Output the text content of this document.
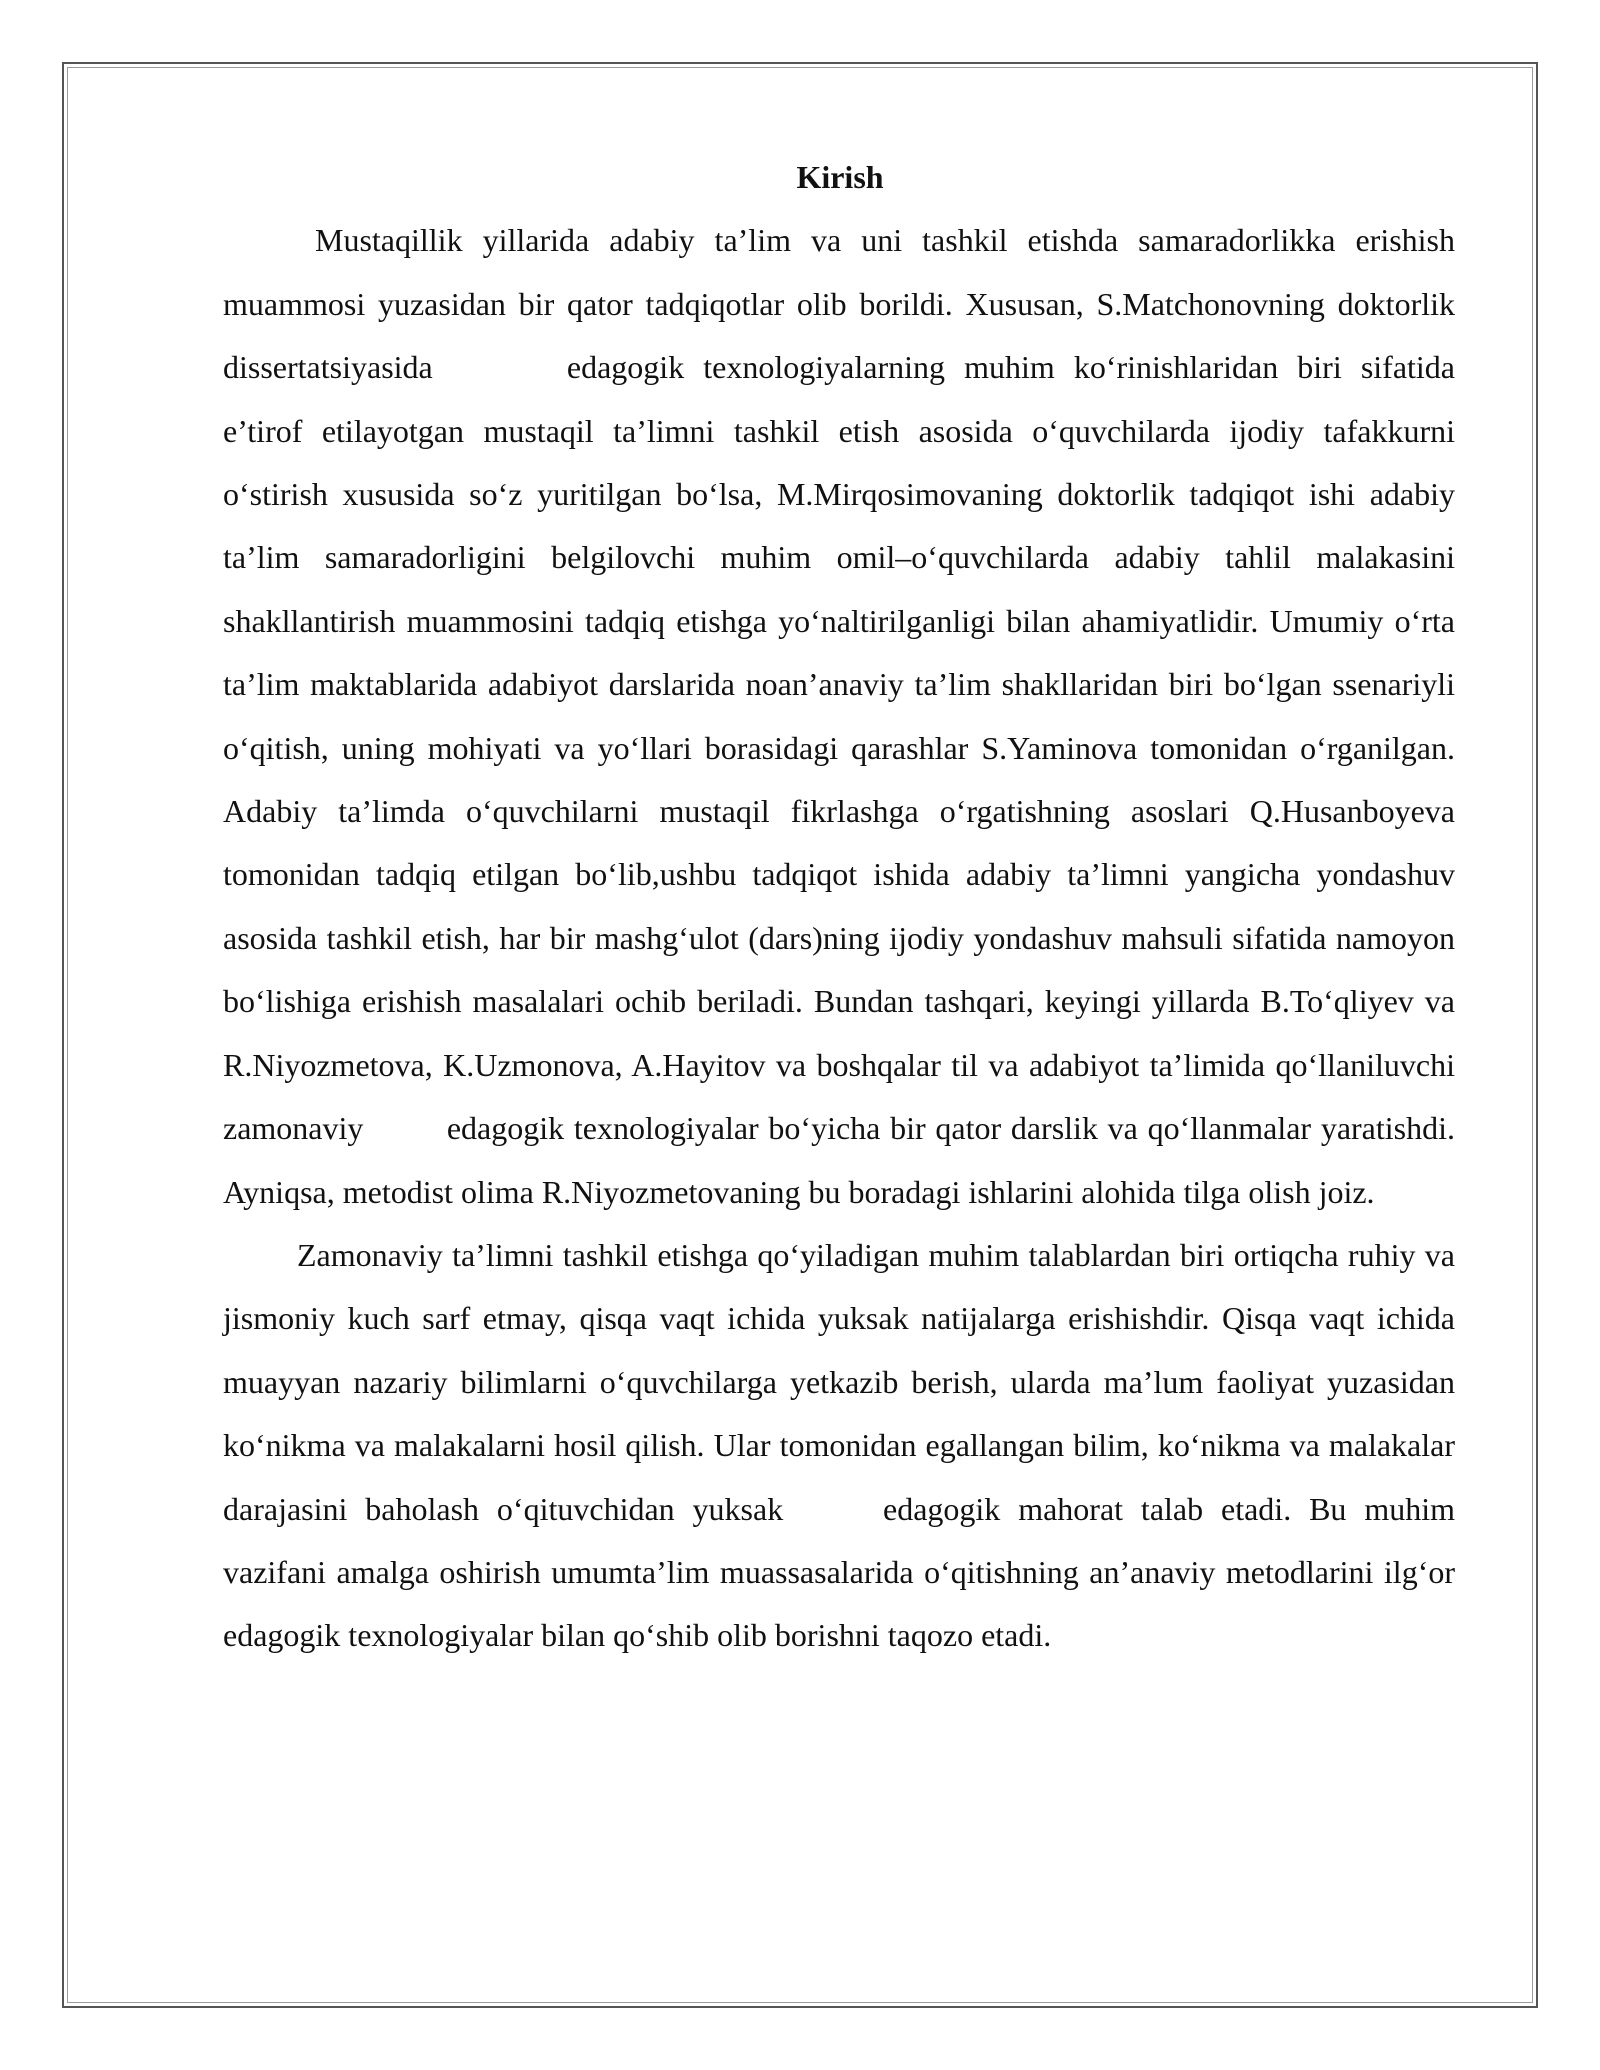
Kirish

Mustaqillik yillarida adabiy ta’lim va uni tashkil etishda samaradorlikka erishish muammosi yuzasidan bir qator tadqiqotlar olib borildi. Xususan, S.Matchonovning doktorlik dissertatsiyasida     edagogik texnologiyalarning muhim ko‘rinishlaridan biri sifatida e’tirof etilayotgan mustaqil ta’limni tashkil etish asosida o‘quvchilarda ijodiy tafakkurni o‘stirish xususida so‘z yuritilgan bo‘lsa, M.Mirqosimovaning doktorlik tadqiqot ishi adabiy ta’lim samaradorligini belgilovchi muhim omil–o‘quvchilarda adabiy tahlil malakasini shakllantirish muammosini tadqiq etishga yo‘naltirilganligi bilan ahamiyatlidir. Umumiy o‘rta ta’lim maktablarida adabiyot darslarida noan’anaviy ta’lim shakllaridan biri bo‘lgan ssenariyli o‘qitish, uning mohiyati va yo‘llari borasidagi qarashlar S.Yaminova tomonidan o‘rganilgan. Adabiy ta’limda o‘quvchilarni mustaqil fikrlashga o‘rgatishning asoslari Q.Husanboyeva tomonidan tadqiq etilgan bo‘lib,ushbu tadqiqot ishida adabiy ta’limni yangicha yondashuv asosida tashkil etish, har bir mashg‘ulot (dars)ning ijodiy yondashuv mahsuli sifatida namoyon bo‘lishiga erishish masalalari ochib beriladi. Bundan tashqari, keyingi yillarda B.To‘qliyev va R.Niyozmetova, K.Uzmonova, A.Hayitov va boshqalar til va adabiyot ta’limida qo‘llaniluvchi zamonaviy    edagogik texnologiyalar bo‘yicha bir qator darslik va qo‘llanmalar yaratishdi. Ayniqsa, metodist olima R.Niyozmetovaning bu boradagi ishlarini alohida tilga olish joiz.

Zamonaviy ta’limni tashkil etishga qo‘yiladigan muhim talablardan biri ortiqcha ruhiy va jismoniy kuch sarf etmay, qisqa vaqt ichida yuksak natijalarga erishishdir. Qisqa vaqt ichida muayyan nazariy bilimlarni o‘quvchilarga yetkazib berish, ularda ma’lum faoliyat yuzasidan ko‘nikma va malakalarni hosil qilish. Ular tomonidan egallangan bilim, ko‘nikma va malakalar darajasini baholash o‘qituvchidan yuksak    edagogik mahorat talab etadi. Bu muhim vazifani amalga oshirish umumta’lim muassasalarida o‘qitishning an’anaviy metodlarini ilg‘or edagogik texnologiyalar bilan qo‘shib olib borishni taqozo etadi.
